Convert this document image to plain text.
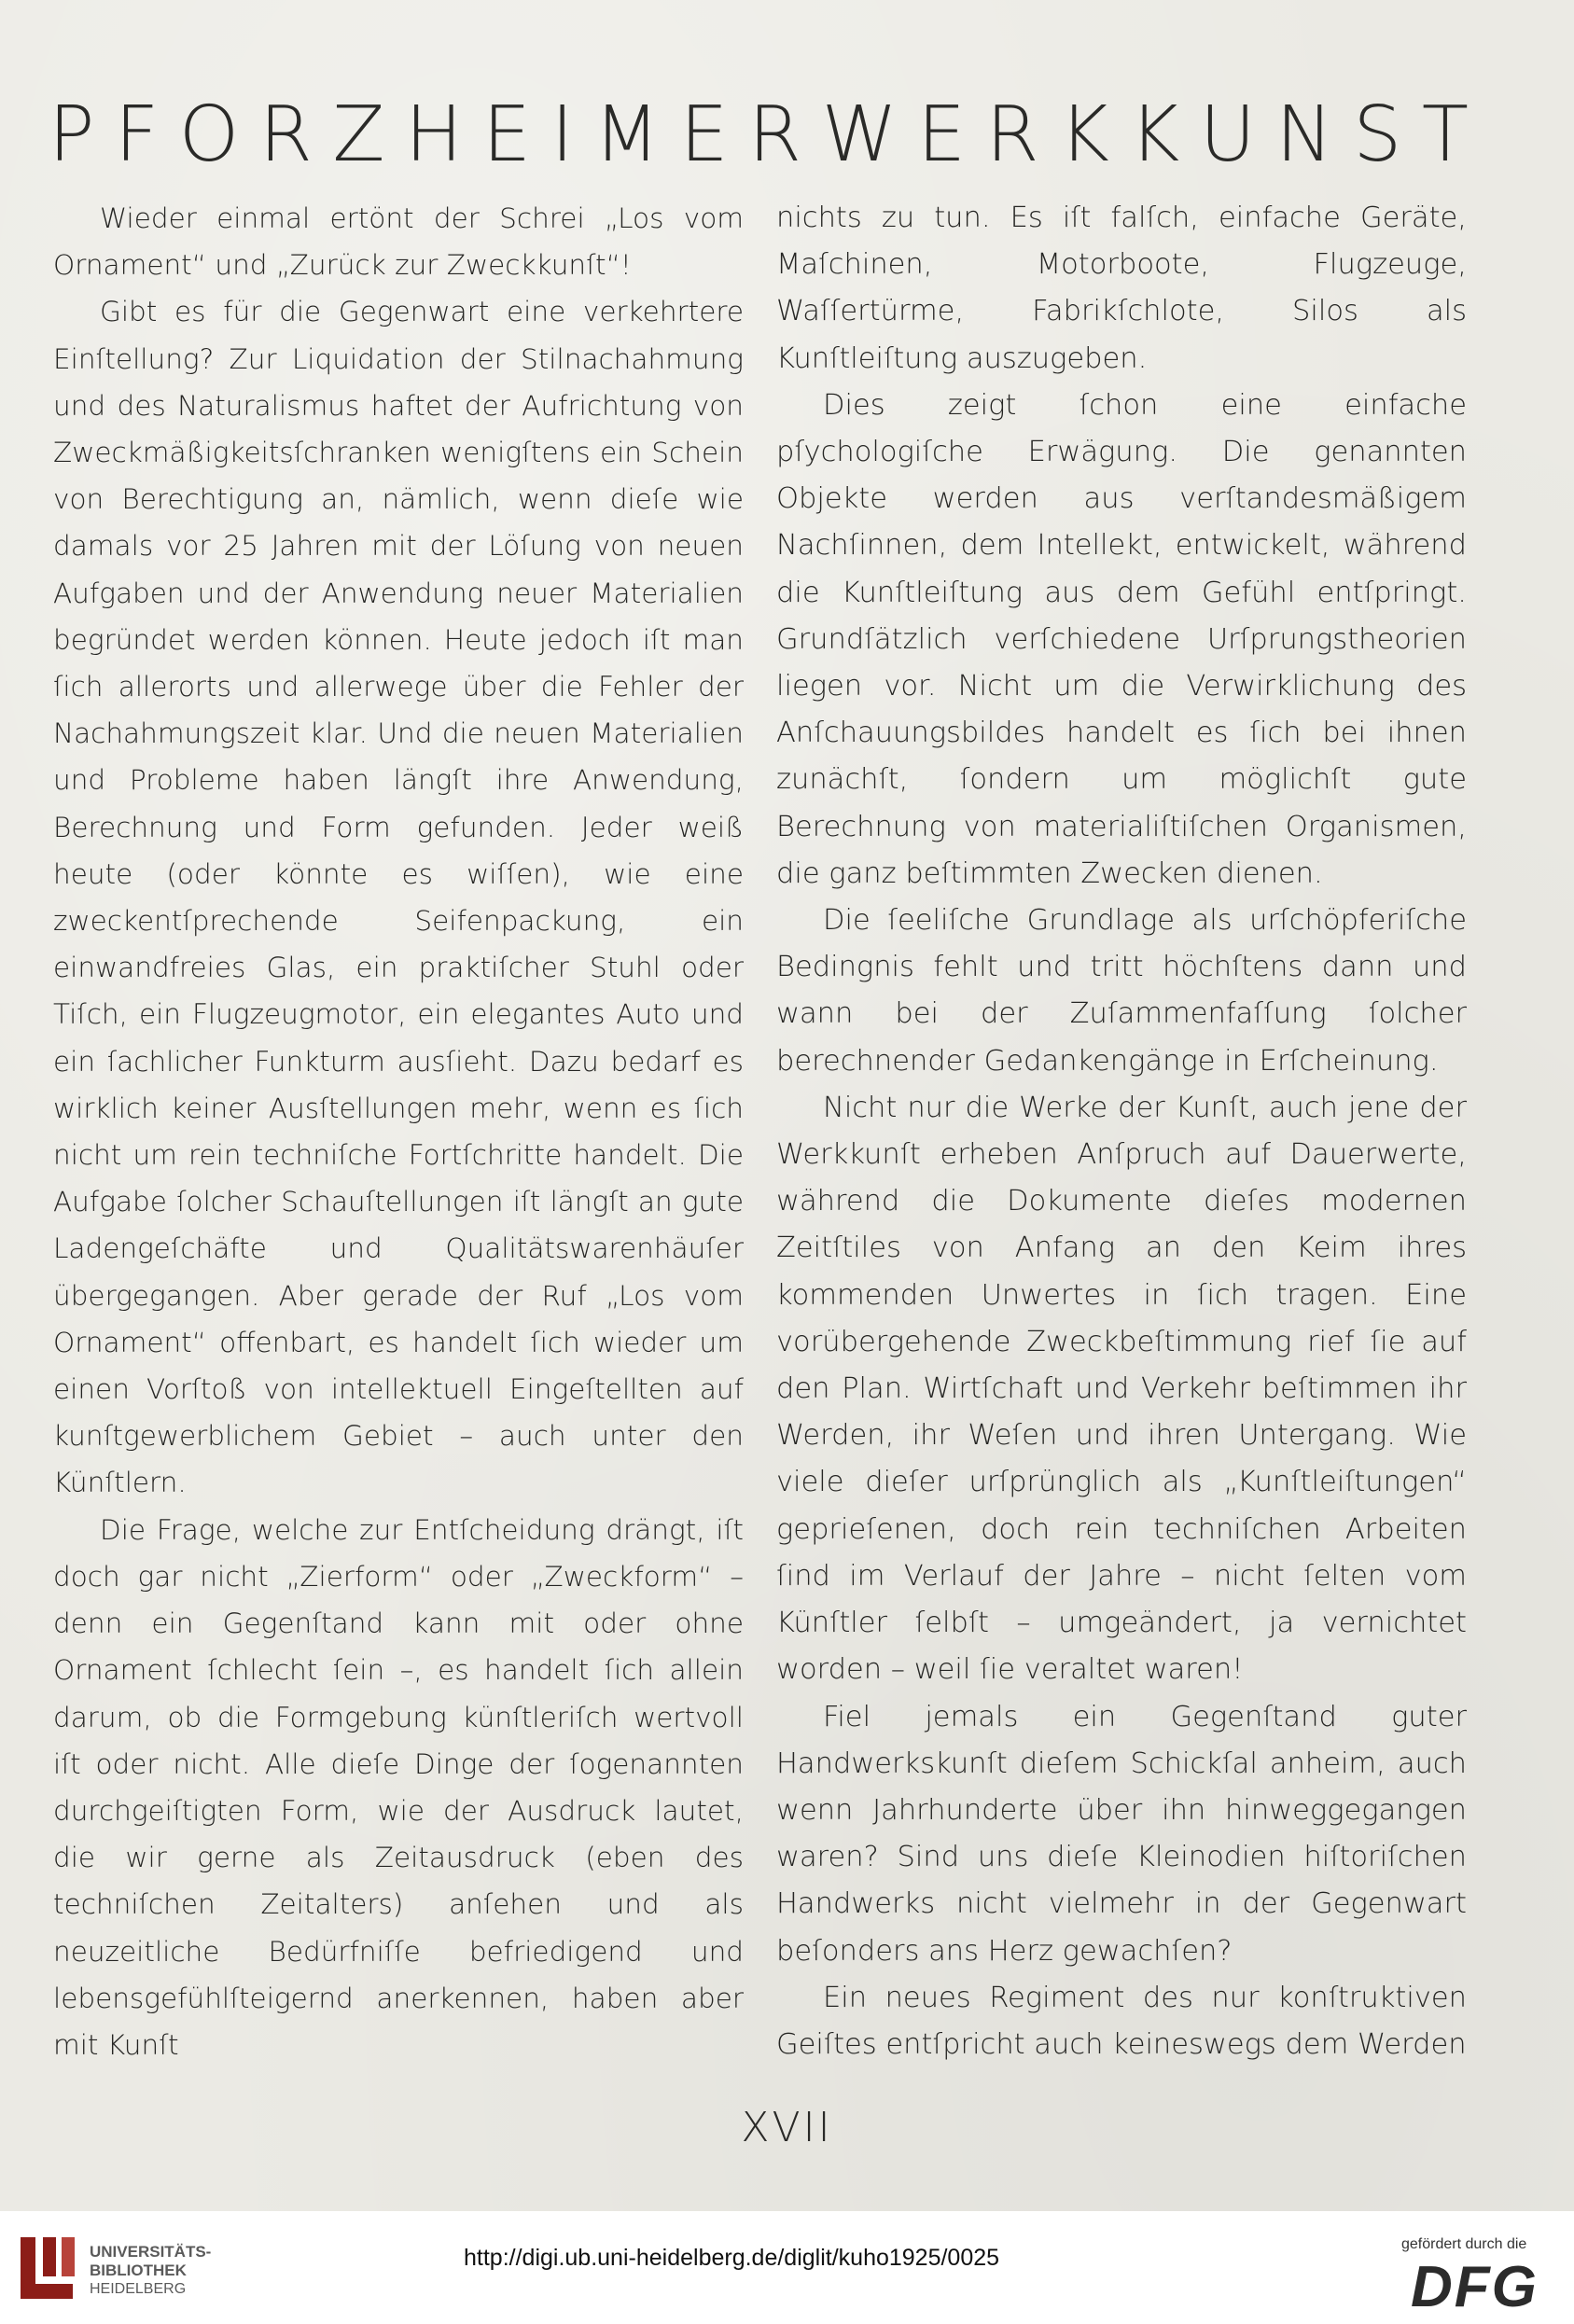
P F O R Z H E I M E R W E R K K U N S T

Wieder einmal ertönt der Schrei „Los vom Ornament“ und „Zurück zur Zweckkunſt“!

Gibt es für die Gegenwart eine verkehrtere Einſtellung? Zur Liquidation der Stilnachahmung und des Naturalismus haftet der Aufrichtung von Zweckmäßigkeitsſchranken wenigſtens ein Schein von Berechtigung an, nämlich, wenn dieſe wie damals vor 25 Jahren mit der Löſung von neuen Aufgaben und der Anwendung neuer Materialien begründet werden können. Heute jedoch iſt man ſich allerorts und allerwege über die Fehler der Nachahmungszeit klar. Und die neuen Materialien und Probleme haben längſt ihre Anwendung, Berechnung und Form gefunden. Jeder weiß heute (oder könnte es wiſſen), wie eine zweckentſprechende Seifenpackung, ein einwandfreies Glas, ein praktiſcher Stuhl oder Tiſch, ein Flugzeugmotor, ein elegantes Auto und ein ſachlicher Funkturm ausſieht. Dazu bedarf es wirklich keiner Ausſtellungen mehr, wenn es ſich nicht um rein techniſche Fortſchritte handelt. Die Aufgabe ſolcher Schauſtellungen iſt längſt an gute Ladengeſchäfte und Qualitätswarenhäuſer übergegangen. Aber gerade der Ruf „Los vom Ornament“ offenbart, es handelt ſich wieder um einen Vorſtoß von intellektuell Eingeſtellten auf kunſtgewerblichem Gebiet – auch unter den Künſtlern.

Die Frage, welche zur Entſcheidung drängt, iſt doch gar nicht „Zierform“ oder „Zweckform“ – denn ein Gegenſtand kann mit oder ohne Ornament ſchlecht ſein –, es handelt ſich allein darum, ob die Formgebung künſtleriſch wertvoll iſt oder nicht. Alle dieſe Dinge der ſogenannten durchgeiſtigten Form, wie der Ausdruck lautet, die wir gerne als Zeitausdruck (eben des techniſchen Zeitalters) anſehen und als neuzeitliche Bedürfniſſe befriedigend und lebensgefühlſteigernd anerkennen, haben aber mit Kunſt

nichts zu tun. Es iſt falſch, einfache Geräte, Maſchinen, Motorboote, Flugzeuge, Waſſertürme, Fabrikſchlote, Silos als Kunſtleiſtung auszugeben.

Dies zeigt ſchon eine einfache pſychologiſche Erwägung. Die genannten Objekte werden aus verſtandesmäßigem Nachſinnen, dem Intellekt, entwickelt, während die Kunſtleiſtung aus dem Gefühl entſpringt. Grundſätzlich verſchiedene Urſprungstheorien liegen vor. Nicht um die Verwirklichung des Anſchauungsbildes handelt es ſich bei ihnen zunächſt, ſondern um möglichſt gute Berechnung von materialiſtiſchen Organismen, die ganz beſtimmten Zwecken dienen.

Die ſeeliſche Grundlage als urſchöpferiſche Bedingnis fehlt und tritt höchſtens dann und wann bei der Zuſammenfaſſung ſolcher berechnender Gedankengänge in Erſcheinung.

Nicht nur die Werke der Kunſt, auch jene der Werkkunſt erheben Anſpruch auf Dauerwerte, während die Dokumente dieſes modernen Zeitſtiles von Anfang an den Keim ihres kommenden Unwertes in ſich tragen. Eine vorübergehende Zweckbeſtimmung rief ſie auf den Plan. Wirtſchaft und Verkehr beſtimmen ihr Werden, ihr Weſen und ihren Untergang. Wie viele dieſer urſprünglich als „Kunſtleiſtungen“ geprieſenen, doch rein techniſchen Arbeiten ſind im Verlauf der Jahre – nicht ſelten vom Künſtler ſelbſt – umgeändert, ja vernichtet worden – weil ſie veraltet waren!

Fiel jemals ein Gegenſtand guter Handwerkskunſt dieſem Schickſal anheim, auch wenn Jahrhunderte über ihn hinweggegangen waren? Sind uns dieſe Kleinodien hiſtoriſchen Handwerks nicht vielmehr in der Gegenwart beſonders ans Herz gewachſen?

Ein neues Regiment des nur konſtruktiven Geiſtes entſpricht auch keineswegs dem Werden

XVII
UNIVERSITÄTS-
BIBLIOTHEK
HEIDELBERG
http://digi.ub.uni-heidelberg.de/diglit/kuho1925/0025
gefördert durch die
DFG
